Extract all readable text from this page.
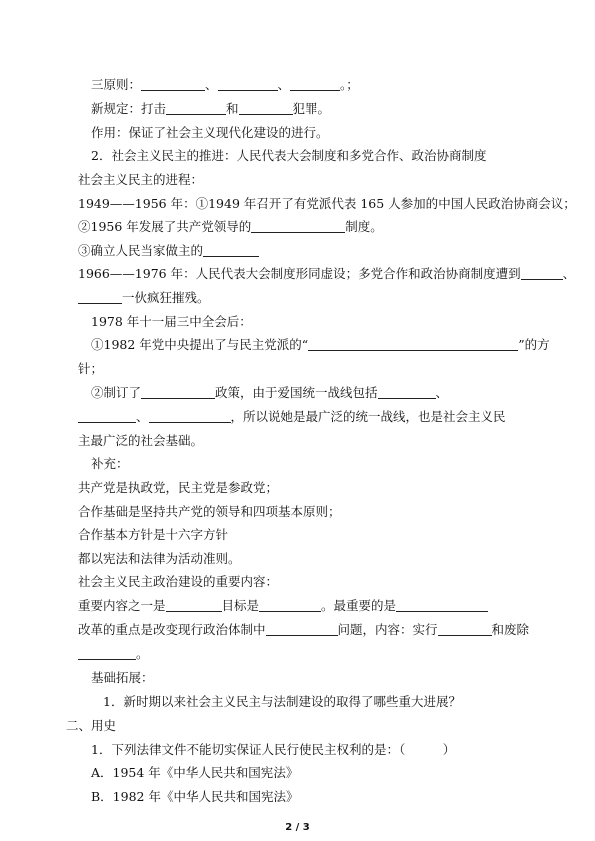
三原则：	、	、	。；
新规定：打击	和	犯罪。
作用：保证了社会主义现代化建设的进行。
2．社会主义民主的推进：人民代表大会制度和多党合作、政治协商制度
社会主义民主的进程：
1949——1956 年：①1949 年召开了有党派代表 165 人参加的中国人民政治协商会议；
②1956 年发展了共产党领导的	制度。
③确立人民当家做主的
1966——1976 年：人民代表大会制度形同虚设；多党合作和政治协商制度遭到	、
一伙疯狂摧残。
1978 年十一届三中全会后：
①1982 年党中央提出了与民主党派的“	”的方
针；
②制订了	政策，由于爱国统一战线包括	、
、	，所以说她是最广泛的统一战线，也是社会主义民
主最广泛的社会基础。
补充：
共产党是执政党，民主党是参政党；
合作基础是坚持共产党的领导和四项基本原则；
合作基本方针是十六字方针
都以宪法和法律为活动准则。
社会主义民主政治建设的重要内容：
重要内容之一是	目标是	。最重要的是
改革的重点是改变现行政治体制中	问题，内容：实行	和废除
。
基础拓展：
1．新时期以来社会主义民主与法制建设的取得了哪些重大进展？
二、用史
1．下列法律文件不能切实保证人民行使民主权利的是：（　　　）
A．1954 年《中华人民共和国宪法》
B．1982 年《中华人民共和国宪法》
2 / 3
